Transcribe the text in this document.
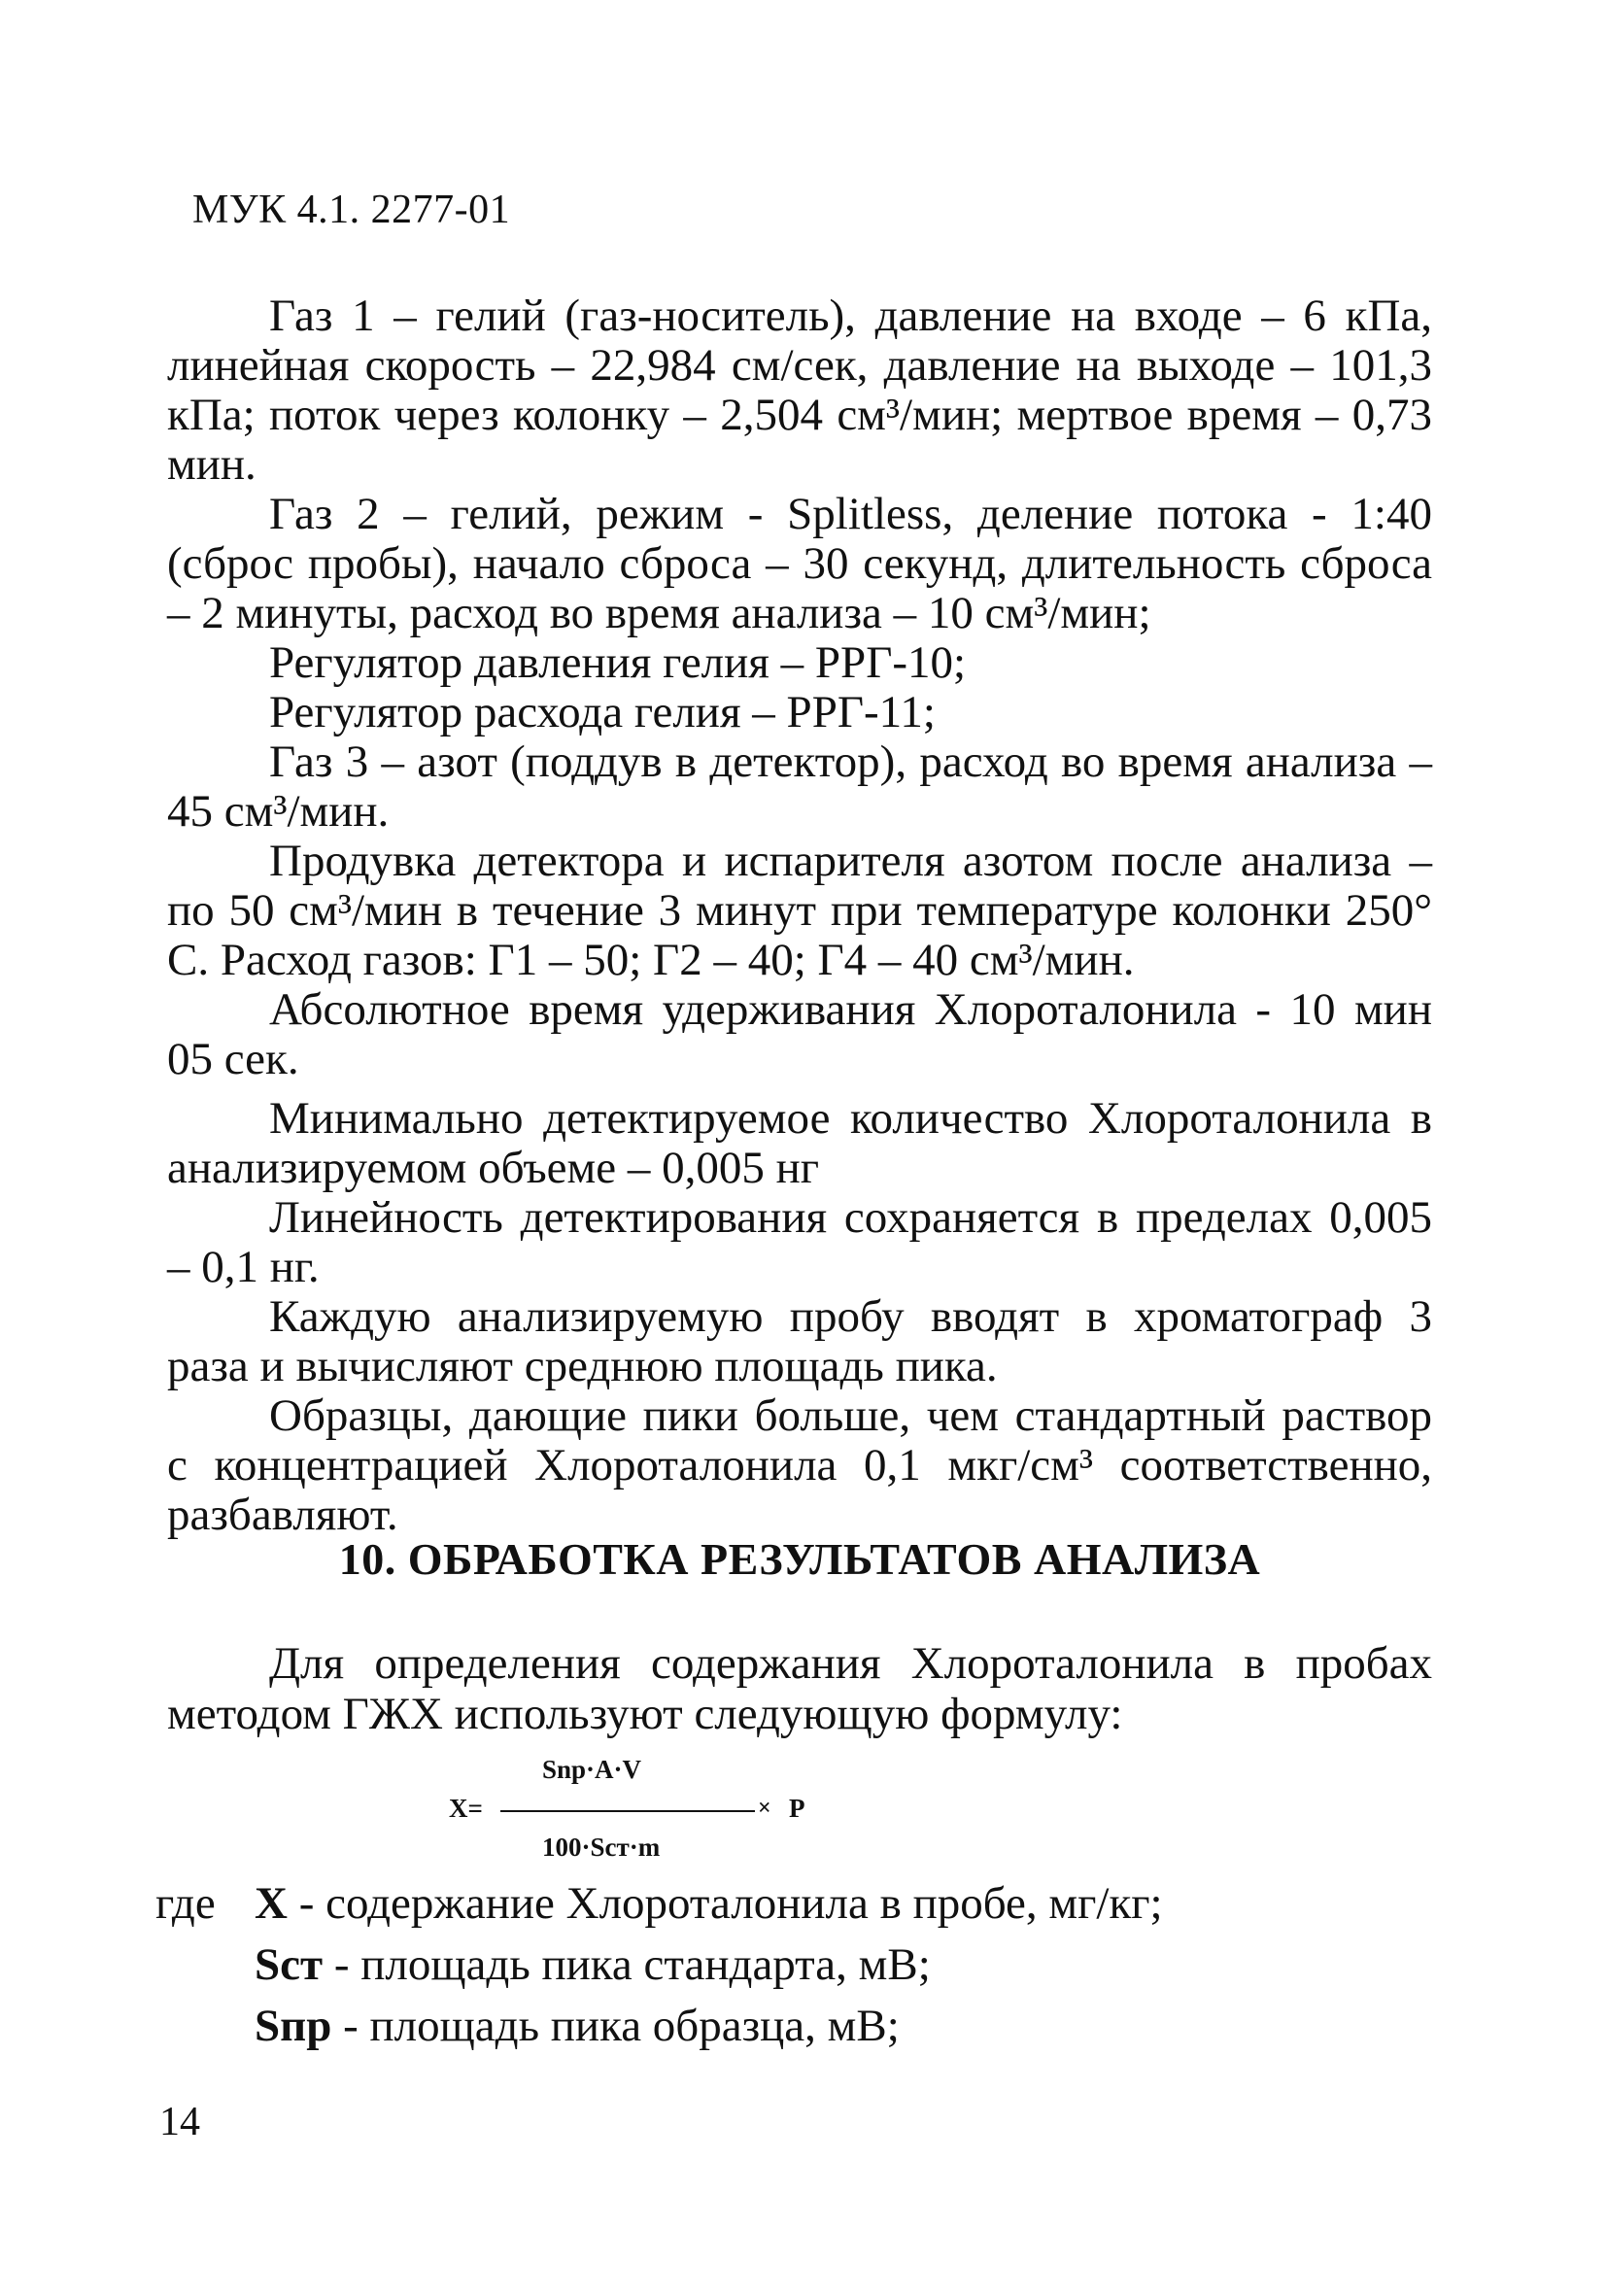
МУК 4.1. 2277-01

Газ 1 – гелий (газ-носитель), давление на входе – 6 кПа, линейная скорость – 22,984 см/сек, давление на выходе – 101,3 кПа; поток через колонку – 2,504 см³/мин; мертвое время – 0,73 мин.

Газ 2 – гелий, режим - Splitless, деление потока - 1:40 (сброс пробы), начало сброса – 30 секунд, длительность сброса – 2 минуты, расход во время анализа – 10 см³/мин;

Регулятор давления гелия – РРГ-10;

Регулятор расхода гелия – РРГ-11;

Газ 3 – азот (поддув в детектор), расход во время анализа – 45 см³/мин.

Продувка детектора и испарителя азотом после анализа – по 50 см³/мин в течение 3 минут при температуре колонки 250° С. Расход газов: Г1 – 50; Г2 – 40; Г4 – 40 см³/мин.

Абсолютное время удерживания Хлороталонила - 10 мин 05 сек.

Минимально детектируемое количество Хлороталонила в анализируемом объеме – 0,005 нг

Линейность детектирования сохраняется в пределах 0,005 – 0,1 нг.

Каждую анализируемую пробу вводят в хроматограф 3 раза и вычисляют среднюю площадь пика.

Образцы, дающие пики больше, чем стандартный раствор с концентрацией Хлороталонила 0,1 мкг/см³ соответственно, разбавляют.

10. ОБРАБОТКА РЕЗУЛЬТАТОВ АНАЛИЗА

Для определения содержания Хлороталонила в пробах методом ГЖХ используют следующую формулу:

Snp·A·V
X=	× P
100·Scт·m
где X - содержание Хлороталонила в пробе, мг/кг;
Sст - площадь пика стандарта, мВ;
Sпр - площадь пика образца, мВ;
14
